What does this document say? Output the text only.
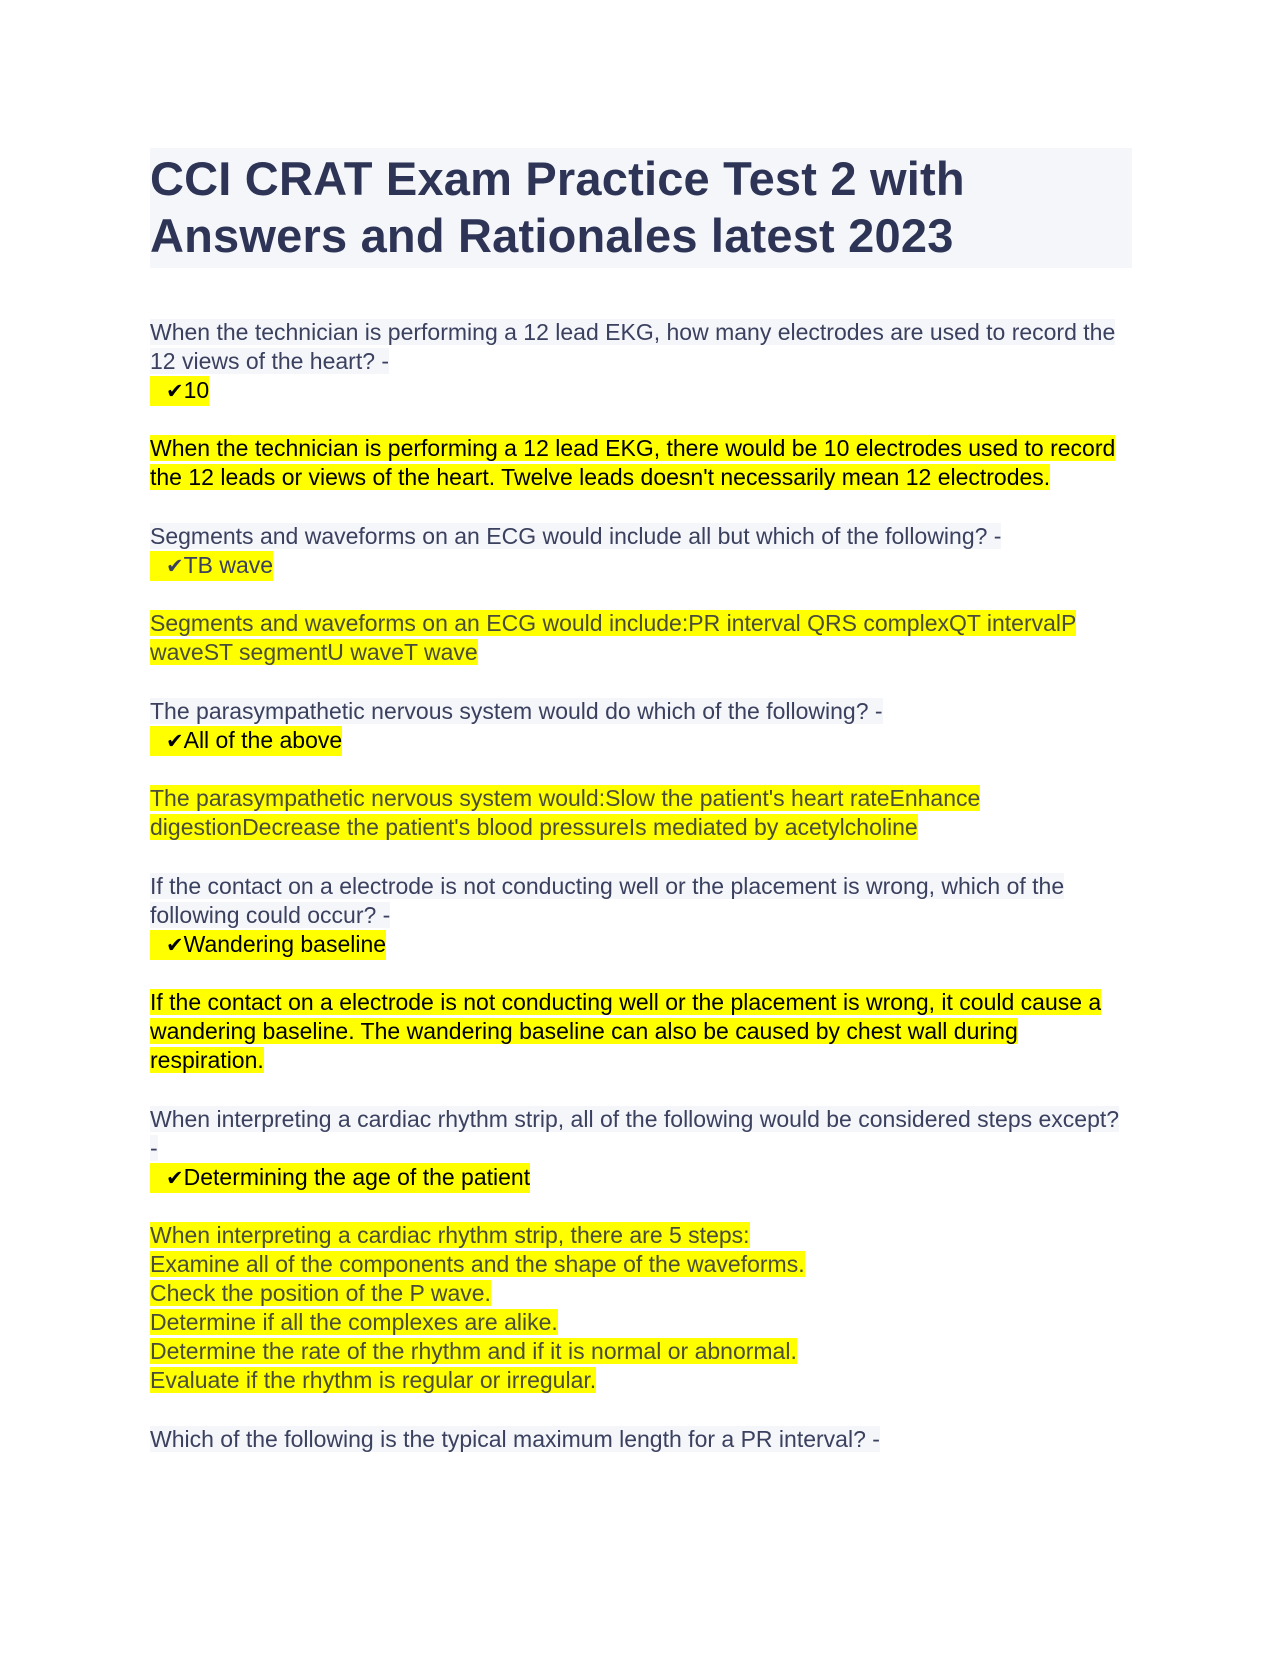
CCI CRAT Exam Practice Test 2 with
Answers and Rationales latest 2023
When the technician is performing a 12 lead EKG, how many electrodes are used to record the 12 views of the heart? -
✔10
When the technician is performing a 12 lead EKG, there would be 10 electrodes used to record the 12 leads or views of the heart. Twelve leads doesn't necessarily mean 12 electrodes.
Segments and waveforms on an ECG would include all but which of the following? -
✔TB wave
Segments and waveforms on an ECG would include:PR interval QRS complexQT intervalP waveST segmentU waveT wave
The parasympathetic nervous system would do which of the following? -
✔All of the above
The parasympathetic nervous system would:Slow the patient's heart rateEnhance digestionDecrease the patient's blood pressureIs mediated by acetylcholine
If the contact on a electrode is not conducting well or the placement is wrong, which of the following could occur? -
✔Wandering baseline
If the contact on a electrode is not conducting well or the placement is wrong, it could cause a wandering baseline. The wandering baseline can also be caused by chest wall during respiration.
When interpreting a cardiac rhythm strip, all of the following would be considered steps except? -
✔Determining the age of the patient
When interpreting a cardiac rhythm strip, there are 5 steps:
Examine all of the components and the shape of the waveforms.
Check the position of the P wave.
Determine if all the complexes are alike.
Determine the rate of the rhythm and if it is normal or abnormal.
Evaluate if the rhythm is regular or irregular.
Which of the following is the typical maximum length for a PR interval? -
